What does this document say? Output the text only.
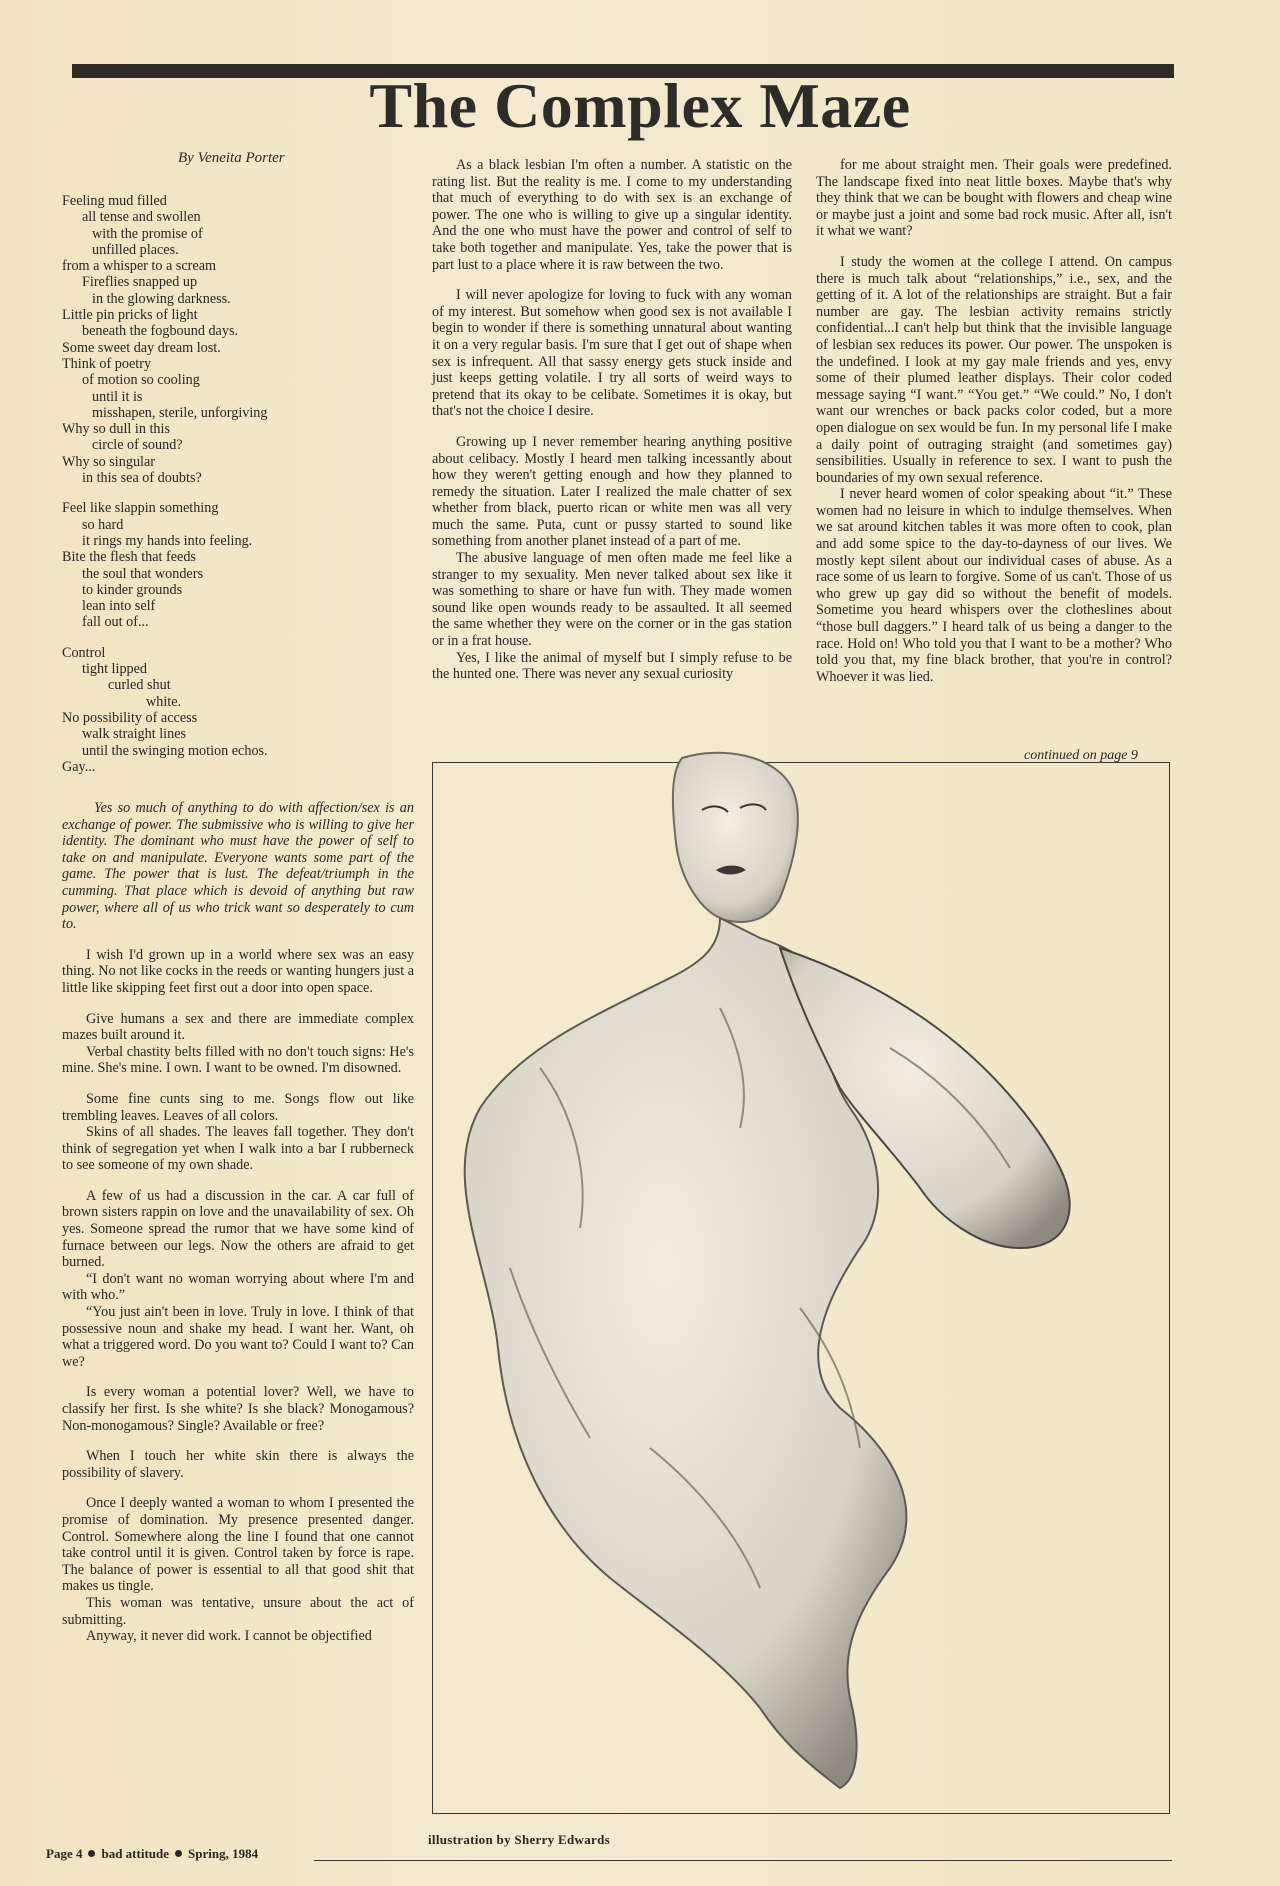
The Complex Maze
By Veneita Porter
Feeling mud filled
all tense and swollen
with the promise of
unfilled places.
from a whisper to a scream
Fireflies snapped up
in the glowing darkness.
Little pin pricks of light
beneath the fogbound days.
Some sweet day dream lost.
Think of poetry
of motion so cooling
until it is
misshapen, sterile, unforgiving
Why so dull in this
circle of sound?
Why so singular
in this sea of doubts?
Feel like slappin something
so hard
it rings my hands into feeling.
Bite the flesh that feeds
the soul that wonders
to kinder grounds
lean into self
fall out of...
Control
tight lipped
curled shut
white.
No possibility of access
walk straight lines
until the swinging motion echos.
Gay...

Yes so much of anything to do with affection/sex is an exchange of power. The submissive who is willing to give her identity. The dominant who must have the power of self to take on and manipulate. Everyone wants some part of the game. The power that is lust. The defeat/triumph in the cumming. That place which is devoid of anything but raw power, where all of us who trick want so desperately to cum to.

I wish I'd grown up in a world where sex was an easy thing. No not like cocks in the reeds or wanting hungers just a little like skipping feet first out a door into open space.

Give humans a sex and there are immediate complex mazes built around it.

Verbal chastity belts filled with no don't touch signs: He's mine. She's mine. I own. I want to be owned. I'm disowned.

Some fine cunts sing to me. Songs flow out like trembling leaves. Leaves of all colors.

Skins of all shades. The leaves fall together. They don't think of segregation yet when I walk into a bar I rubberneck to see someone of my own shade.

A few of us had a discussion in the car. A car full of brown sisters rappin on love and the unavailability of sex. Oh yes. Someone spread the rumor that we have some kind of furnace between our legs. Now the others are afraid to get burned.

“I don't want no woman worrying about where I'm and with who.”

“You just ain't been in love. Truly in love. I think of that possessive noun and shake my head. I want her. Want, oh what a triggered word. Do you want to? Could I want to? Can we?

Is every woman a potential lover? Well, we have to classify her first. Is she white? Is she black? Monogamous? Non-monogamous? Single? Available or free?

When I touch her white skin there is always the possibility of slavery.

Once I deeply wanted a woman to whom I presented the promise of domination. My presence presented danger. Control. Somewhere along the line I found that one cannot take control until it is given. Control taken by force is rape. The balance of power is essential to all that good shit that makes us tingle.

This woman was tentative, unsure about the act of submitting.

Anyway, it never did work. I cannot be objectified

As a black lesbian I'm often a number. A statistic on the rating list. But the reality is me. I come to my understanding that much of everything to do with sex is an exchange of power. The one who is willing to give up a singular identity. And the one who must have the power and control of self to take both together and manipulate. Yes, take the power that is part lust to a place where it is raw between the two.

I will never apologize for loving to fuck with any woman of my interest. But somehow when good sex is not available I begin to wonder if there is something unnatural about wanting it on a very regular basis. I'm sure that I get out of shape when sex is infrequent. All that sassy energy gets stuck inside and just keeps getting volatile. I try all sorts of weird ways to pretend that its okay to be celibate. Sometimes it is okay, but that's not the choice I desire.

Growing up I never remember hearing anything positive about celibacy. Mostly I heard men talking incessantly about how they weren't getting enough and how they planned to remedy the situation. Later I realized the male chatter of sex whether from black, puerto rican or white men was all very much the same. Puta, cunt or pussy started to sound like something from another planet instead of a part of me.

The abusive language of men often made me feel like a stranger to my sexuality. Men never talked about sex like it was something to share or have fun with. They made women sound like open wounds ready to be assaulted. It all seemed the same whether they were on the corner or in the gas station or in a frat house.

Yes, I like the animal of myself but I simply refuse to be the hunted one. There was never any sexual curiosity

for me about straight men. Their goals were predefined. The landscape fixed into neat little boxes. Maybe that's why they think that we can be bought with flowers and cheap wine or maybe just a joint and some bad rock music. After all, isn't it what we want?

I study the women at the college I attend. On campus there is much talk about “relationships,” i.e., sex, and the getting of it. A lot of the relationships are straight. But a fair number are gay. The lesbian activity remains strictly confidential...I can't help but think that the invisible language of lesbian sex reduces its power. Our power. The unspoken is the undefined. I look at my gay male friends and yes, envy some of their plumed leather displays. Their color coded message saying “I want.” “You get.” “We could.” No, I don't want our wrenches or back packs color coded, but a more open dialogue on sex would be fun. In my personal life I make a daily point of outraging straight (and sometimes gay) sensibilities. Usually in reference to sex. I want to push the boundaries of my own sexual reference.

I never heard women of color speaking about “it.” These women had no leisure in which to indulge themselves. When we sat around kitchen tables it was more often to cook, plan and add some spice to the day-to-dayness of our lives. We mostly kept silent about our individual cases of abuse. As a race some of us learn to forgive. Some of us can't. Those of us who grew up gay did so without the benefit of models. Sometime you heard whispers over the clotheslines about “those bull daggers.” I heard talk of us being a danger to the race. Hold on! Who told you that I want to be a mother? Who told you that, my fine black brother, that you're in control? Whoever it was lied.

continued on page 9
illustration by Sherry Edwards
Page 4 bad attitude Spring, 1984
